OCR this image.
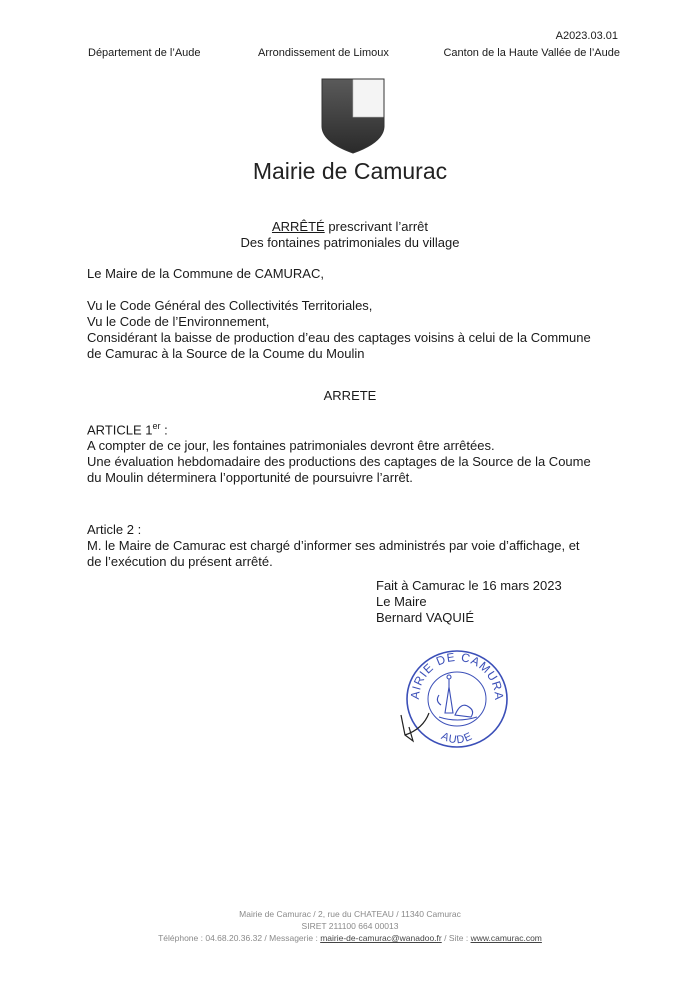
A2023.03.01
Département de l’Aude	Arrondissement de Limoux	Canton de la Haute Vallée de l’Aude
Mairie de Camurac
ARRÊTÉ prescrivant l’arrêt
Des fontaines patrimoniales du village
Le Maire de la Commune de CAMURAC,

Vu le Code Général des Collectivités Territoriales,

Vu le Code de l’Environnement,

Considérant la baisse de production d’eau des captages voisins à celui de la Commune

de Camurac à la Source de la Coume du Moulin

ARRETE

ARTICLE 1er :

A compter de ce jour, les fontaines patrimoniales devront être arrêtées.

Une évaluation hebdomadaire des productions des captages de la Source de la Coume

du Moulin déterminera l’opportunité de poursuivre l’arrêt.

Article 2 :

M. le Maire de Camurac est chargé d’informer ses administrés par voie d’affichage, et

de l’exécution du présent arrêté.

Fait à Camurac le 16 mars 2023

Le Maire

Bernard VAQUIÉ

AIRIE DE CAMURA
AUDE
Mairie de Camurac / 2, rue du CHATEAU / 11340 Camurac
SIRET 211100 664 00013
Téléphone : 04.68.20.36.32 / Messagerie : mairie-de-camurac@wanadoo.fr / Site : www.camurac.com
